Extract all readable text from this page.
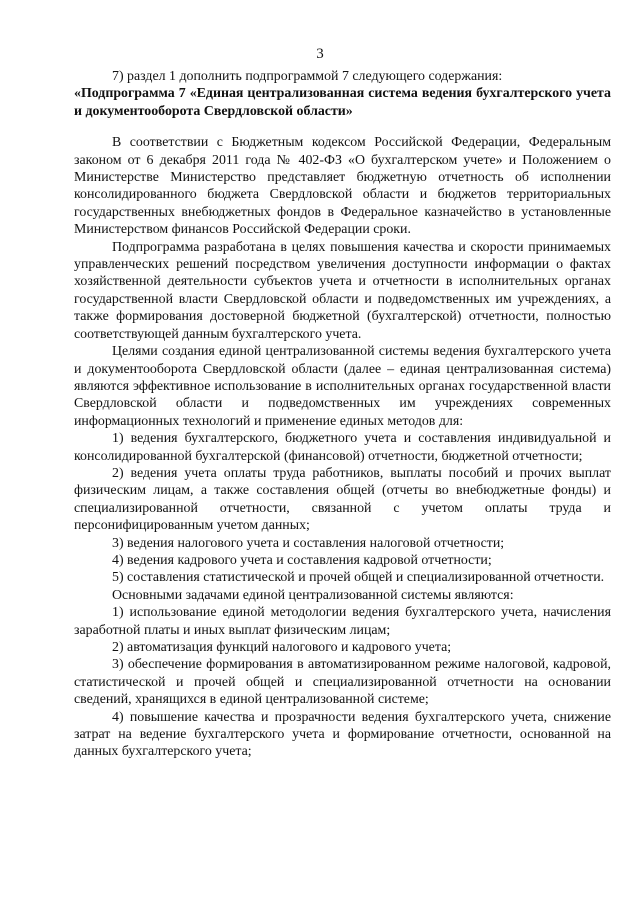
3

7) раздел 1 дополнить подпрограммой 7 следующего содержания:

«Подпрограмма 7 «Единая централизованная система ведения бухгалтерского учета и документооборота Свердловской области»

В соответствии с Бюджетным кодексом Российской Федерации, Федеральным законом от 6 декабря 2011 года № 402-ФЗ «О бухгалтерском учете» и Положением о Министерстве Министерство представляет бюджетную отчетность об исполнении консолидированного бюджета Свердловской области и бюджетов территориальных государственных внебюджетных фондов в Федеральное казначейство в установленные Министерством финансов Российской Федерации сроки.

Подпрограмма разработана в целях повышения качества и скорости принимаемых управленческих решений посредством увеличения доступности информации о фактах хозяйственной деятельности субъектов учета и отчетности в исполнительных органах государственной власти Свердловской области и подведомственных им учреждениях, а также формирования достоверной бюджетной (бухгалтерской) отчетности, полностью соответствующей данным бухгалтерского учета.

Целями создания единой централизованной системы ведения бухгалтерского учета и документооборота Свердловской области (далее – единая централизованная система) являются эффективное использование в исполнительных органах государственной власти Свердловской области и подведомственных им учреждениях современных информационных технологий и применение единых методов для:

1) ведения бухгалтерского, бюджетного учета и составления индивидуальной и консолидированной бухгалтерской (финансовой) отчетности, бюджетной отчетности;

2) ведения учета оплаты труда работников, выплаты пособий и прочих выплат физическим лицам, а также составления общей (отчеты во внебюджетные фонды) и специализированной отчетности, связанной с учетом оплаты труда и персонифицированным учетом данных;

3) ведения налогового учета и составления налоговой отчетности;

4) ведения кадрового учета и составления кадровой отчетности;

5) составления статистической и прочей общей и специализированной отчетности.

Основными задачами единой централизованной системы являются:

1) использование единой методологии ведения бухгалтерского учета, начисления заработной платы и иных выплат физическим лицам;

2) автоматизация функций налогового и кадрового учета;

3) обеспечение формирования в автоматизированном режиме налоговой, кадровой, статистической и прочей общей и специализированной отчетности на основании сведений, хранящихся в единой централизованной системе;

4) повышение качества и прозрачности ведения бухгалтерского учета, снижение затрат на ведение бухгалтерского учета и формирование отчетности, основанной на данных бухгалтерского учета;
